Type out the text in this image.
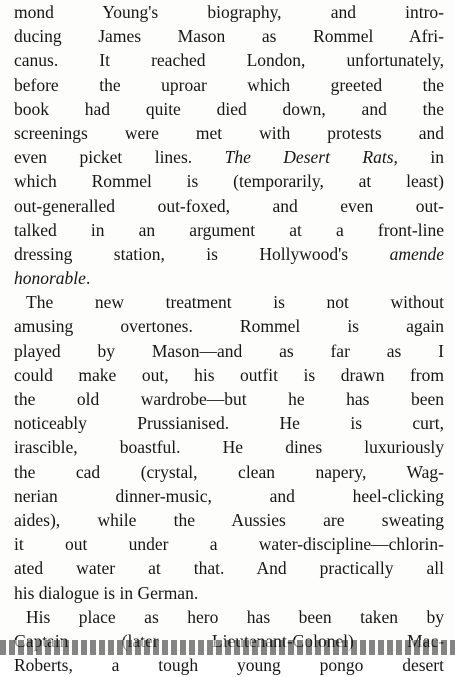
mond Young's biography, and intro-
ducing James Mason as Rommel Afri-
canus. It reached London, unfortunately,
before the uproar which greeted the
book had quite died down, and the
screenings were met with protests and
even picket lines. The Desert Rats, in
which Rommel is (temporarily, at least)
out-generalled out-foxed, and even out-
talked in an argument at a front-line
dressing station, is Hollywood's amende
honorable.
The new treatment is not without
amusing overtones. Rommel is again
played by Mason—and as far as I
could make out, his outfit is drawn from
the old wardrobe—but he has been
noticeably Prussianised. He is curt,
irascible, boastful. He dines luxuriously
the cad (crystal, clean napery, Wag-
nerian dinner-music, and heel-clicking
aides), while the Aussies are sweating
it out under a water-discipline—chlorin-
ated water at that. And practically all
his dialogue is in German.
His place as hero has been taken by
Roberts, a tough young pongo desert
